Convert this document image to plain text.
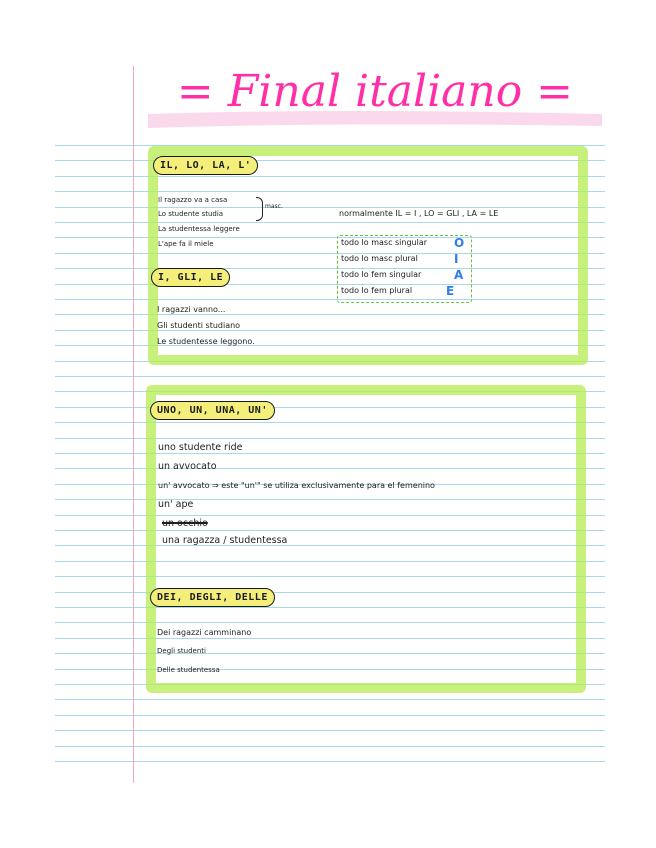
= Final italiano =
IL, LO, LA, L'
Il ragazzo va a casa
Lo studente studia
La studentessa leggere
L'ape fa il miele
masc.
normalmente IL = I , LO = GLI , LA = LE
todo lo masc singular O
todo lo masc plural	I
todo lo fem singular	A
todo lo fem plural	E
I, GLI, LE
I ragazzi vanno...
Gli studenti studiano
Le studentesse leggono.
UNO, UN, UNA, UN'
uno studente ride
un avvocato
un' avvocato ⇒ este "un'" se utiliza exclusivamente para el femenino
un' ape
un occhio
una ragazza / studentessa
DEI, DEGLI, DELLE
Dei ragazzi camminano
Degli studenti
Delle studentessa
